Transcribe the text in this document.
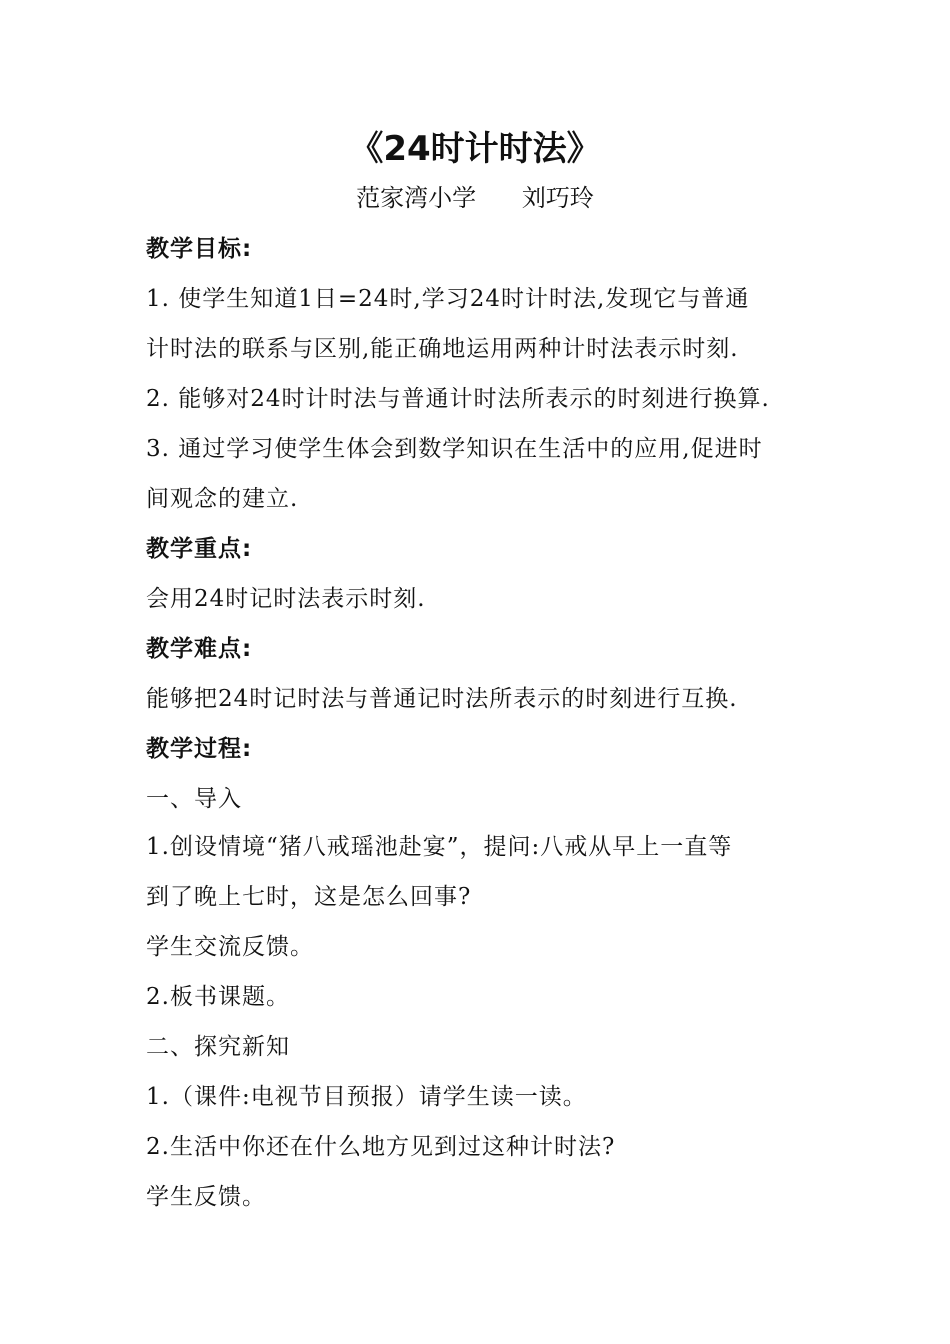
《24时计时法》
范家湾小学      刘巧玲
教学目标:
1. 使学生知道1日=24时,学习24时计时法,发现它与普通
计时法的联系与区别,能正确地运用两种计时法表示时刻.
2. 能够对24时计时法与普通计时法所表示的时刻进行换算.
3. 通过学习使学生体会到数学知识在生活中的应用,促进时
间观念的建立.
教学重点:
会用24时记时法表示时刻.
教学难点:
能够把24时记时法与普通记时法所表示的时刻进行互换.
教学过程:
一、导入
1.创设情境“猪八戒瑶池赴宴”，提问:八戒从早上一直等
到了晚上七时，这是怎么回事?
学生交流反馈。
2.板书课题。
二、探究新知
1.（课件:电视节目预报）请学生读一读。
2.生活中你还在什么地方见到过这种计时法?
学生反馈。
